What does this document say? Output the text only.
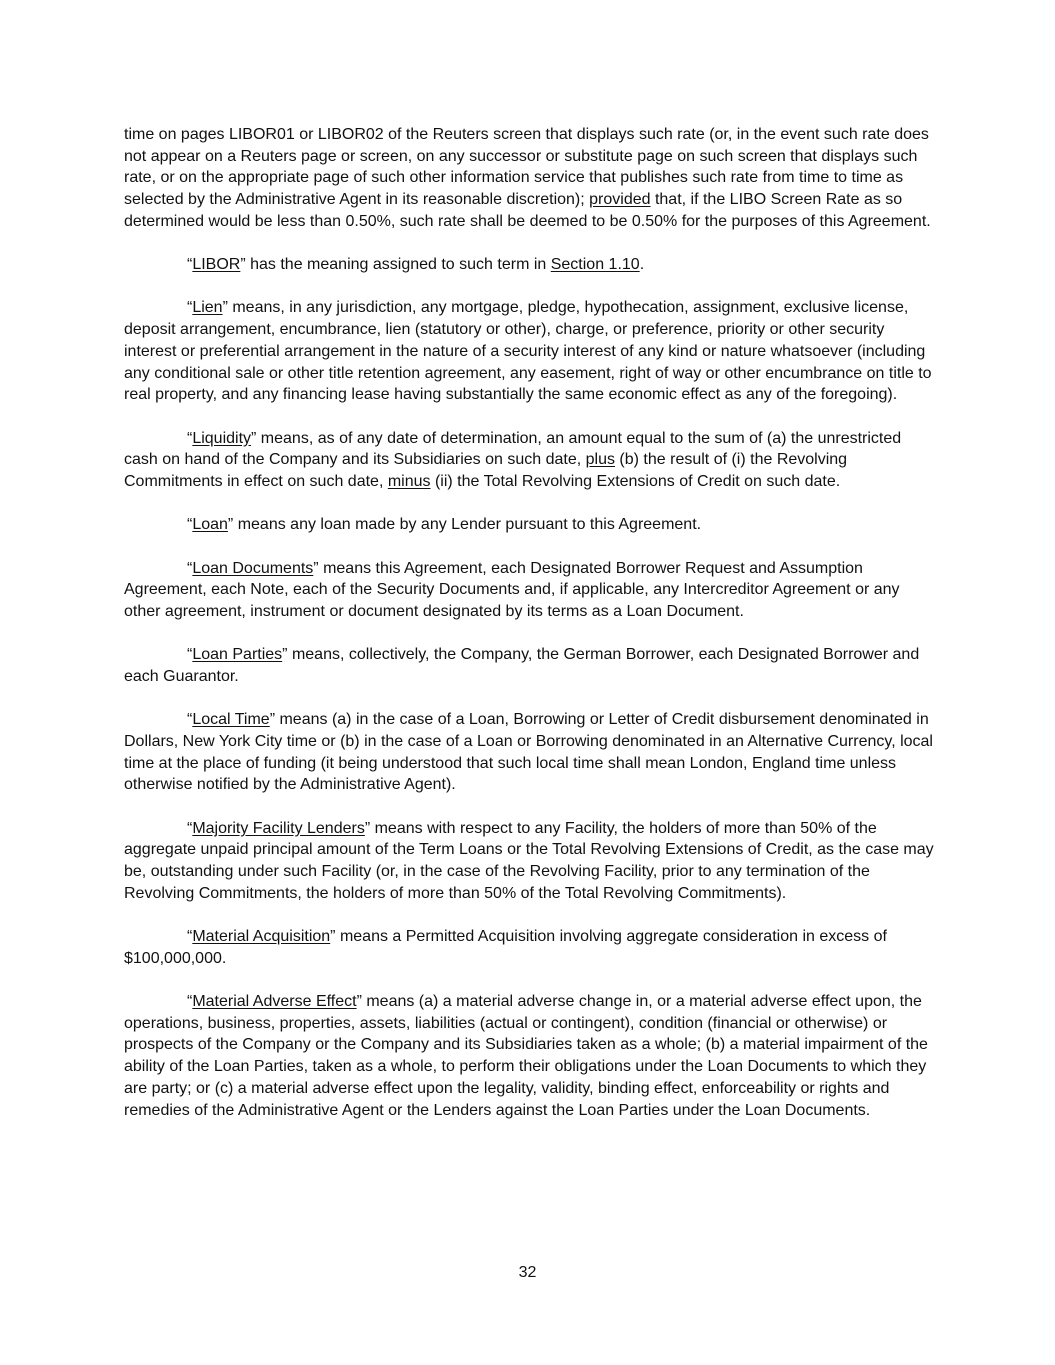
time on pages LIBOR01 or LIBOR02 of the Reuters screen that displays such rate (or, in the event such rate does not appear on a Reuters page or screen, on any successor or substitute page on such screen that displays such rate, or on the appropriate page of such other information service that publishes such rate from time to time as selected by the Administrative Agent in its reasonable discretion); provided that, if the LIBO Screen Rate as so determined would be less than 0.50%, such rate shall be deemed to be 0.50% for the purposes of this Agreement.

“LIBOR” has the meaning assigned to such term in Section 1.10.

“Lien” means, in any jurisdiction, any mortgage, pledge, hypothecation, assignment, exclusive license, deposit arrangement, encumbrance, lien (statutory or other), charge, or preference, priority or other security interest or preferential arrangement in the nature of a security interest of any kind or nature whatsoever (including any conditional sale or other title retention agreement, any easement, right of way or other encumbrance on title to real property, and any financing lease having substantially the same economic effect as any of the foregoing).

“Liquidity” means, as of any date of determination, an amount equal to the sum of (a) the unrestricted cash on hand of the Company and its Subsidiaries on such date, plus (b) the result of (i) the Revolving Commitments in effect on such date, minus (ii) the Total Revolving Extensions of Credit on such date.

“Loan” means any loan made by any Lender pursuant to this Agreement.

“Loan Documents” means this Agreement, each Designated Borrower Request and Assumption Agreement, each Note, each of the Security Documents and, if applicable, any Intercreditor Agreement or any other agreement, instrument or document designated by its terms as a Loan Document.

“Loan Parties” means, collectively, the Company, the German Borrower, each Designated Borrower and each Guarantor.

“Local Time” means (a) in the case of a Loan, Borrowing or Letter of Credit disbursement denominated in Dollars, New York City time or (b) in the case of a Loan or Borrowing denominated in an Alternative Currency, local time at the place of funding (it being understood that such local time shall mean London, England time unless otherwise notified by the Administrative Agent).

“Majority Facility Lenders” means with respect to any Facility, the holders of more than 50% of the aggregate unpaid principal amount of the Term Loans or the Total Revolving Extensions of Credit, as the case may be, outstanding under such Facility (or, in the case of the Revolving Facility, prior to any termination of the Revolving Commitments, the holders of more than 50% of the Total Revolving Commitments).

“Material Acquisition” means a Permitted Acquisition involving aggregate consideration in excess of $100,000,000.

“Material Adverse Effect” means (a) a material adverse change in, or a material adverse effect upon, the operations, business, properties, assets, liabilities (actual or contingent), condition (financial or otherwise) or prospects of the Company or the Company and its Subsidiaries taken as a whole; (b) a material impairment of the ability of the Loan Parties, taken as a whole, to perform their obligations under the Loan Documents to which they are party; or (c) a material adverse effect upon the legality, validity, binding effect, enforceability or rights and remedies of the Administrative Agent or the Lenders against the Loan Parties under the Loan Documents.

32
